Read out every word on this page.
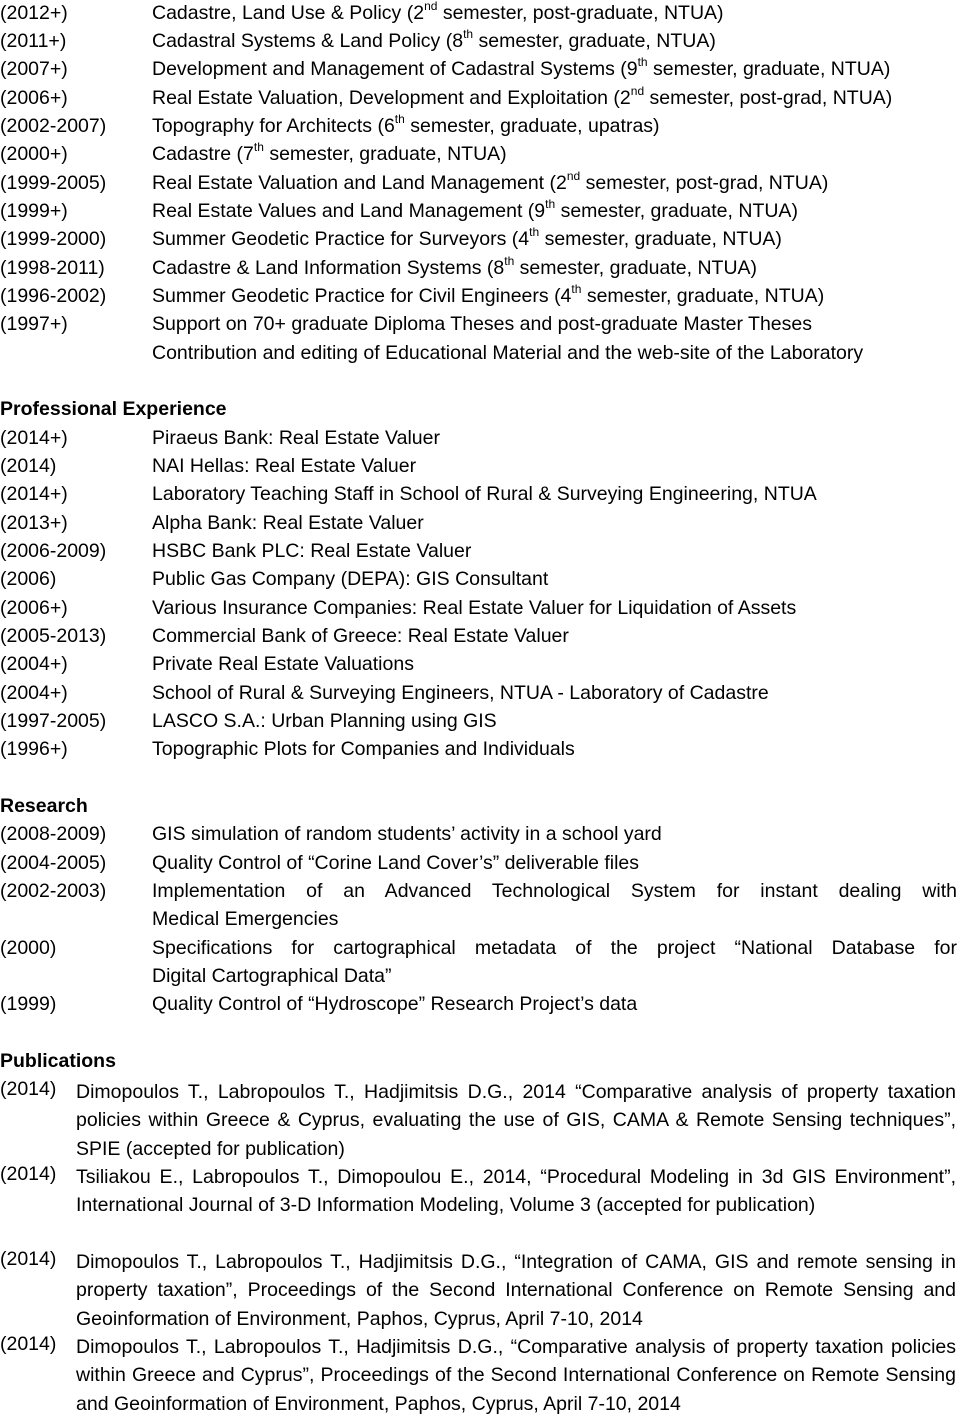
(2012+)	Cadastre, Land Use & Policy (2nd semester, post-graduate, NTUA)
(2011+)	Cadastral Systems & Land Policy (8th semester, graduate, NTUA)
(2007+)	Development and Management of Cadastral Systems (9th semester, graduate, NTUA)
(2006+)	Real Estate Valuation, Development and Exploitation (2nd semester, post-grad, NTUA)
(2002-2007) Topography for Architects (6th semester, graduate, upatras)
(2000+)	Cadastre (7th semester, graduate, NTUA)
(1999-2005) Real Estate Valuation and Land Management (2nd semester, post-grad, NTUA)
(1999+)	Real Estate Values and Land Management (9th semester, graduate, NTUA)
(1999-2000) Summer Geodetic Practice for Surveyors (4th semester, graduate, NTUA)
(1998-2011) Cadastre & Land Information Systems (8th semester, graduate, NTUA)
(1996-2002) Summer Geodetic Practice for Civil Engineers (4th semester, graduate, NTUA)
(1997+)	Support on 70+ graduate Diploma Theses and post-graduate Master Theses
Contribution and editing of Educational Material and the web-site of the Laboratory
Professional Experience
(2014+)	Piraeus Bank: Real Estate Valuer
(2014)	NAI Hellas: Real Estate Valuer
(2014+)	Laboratory Teaching Staff in School of Rural & Surveying Engineering, NTUA
(2013+)	Alpha Bank: Real Estate Valuer
(2006-2009) HSBC Bank PLC: Real Estate Valuer
(2006)	Public Gas Company (DEPA): GIS Consultant
(2006+)	Various Insurance Companies: Real Estate Valuer for Liquidation of Assets
(2005-2013) Commercial Bank of Greece: Real Estate Valuer
(2004+)	Private Real Estate Valuations
(2004+)	School of Rural & Surveying Engineers, NTUA - Laboratory of Cadastre
(1997-2005) LASCO S.A.: Urban Planning using GIS
(1996+)	Topographic Plots for Companies and Individuals
Research
(2008-2009) GIS simulation of random students’ activity in a school yard
(2004-2005) Quality Control of “Corine Land Cover’s” deliverable files
(2002-2003) Implementation of an Advanced Technological System for instant dealing with
Medical Emergencies
(2000)	Specifications for cartographical metadata of the project “National Database for
Digital Cartographical Data”
(1999)	Quality Control of “Hydroscope” Research Project’s data
Publications
(2014) Dimopoulos T., Labropoulos T., Hadjimitsis D.G., 2014 “Comparative analysis of property taxation policies within Greece & Cyprus, evaluating the use of GIS, CAMA & Remote Sensing techniques”, SPIE (accepted for publication)
(2014) Tsiliakou E., Labropoulos T., Dimopoulou E., 2014, “Procedural Modeling in 3d GIS Environment”, International Journal of 3-D Information Modeling, Volume 3 (accepted for publication)
(2014) Dimopoulos T., Labropoulos T., Hadjimitsis D.G., “Integration of CAMA, GIS and remote sensing in property taxation”, Proceedings of the Second International Conference on Remote Sensing and Geoinformation of Environment, Paphos, Cyprus, April 7-10, 2014
(2014) Dimopoulos T., Labropoulos T., Hadjimitsis D.G., “Comparative analysis of property taxation policies within Greece and Cyprus”, Proceedings of the Second International Conference on Remote Sensing and Geoinformation of Environment, Paphos, Cyprus, April 7-10, 2014
